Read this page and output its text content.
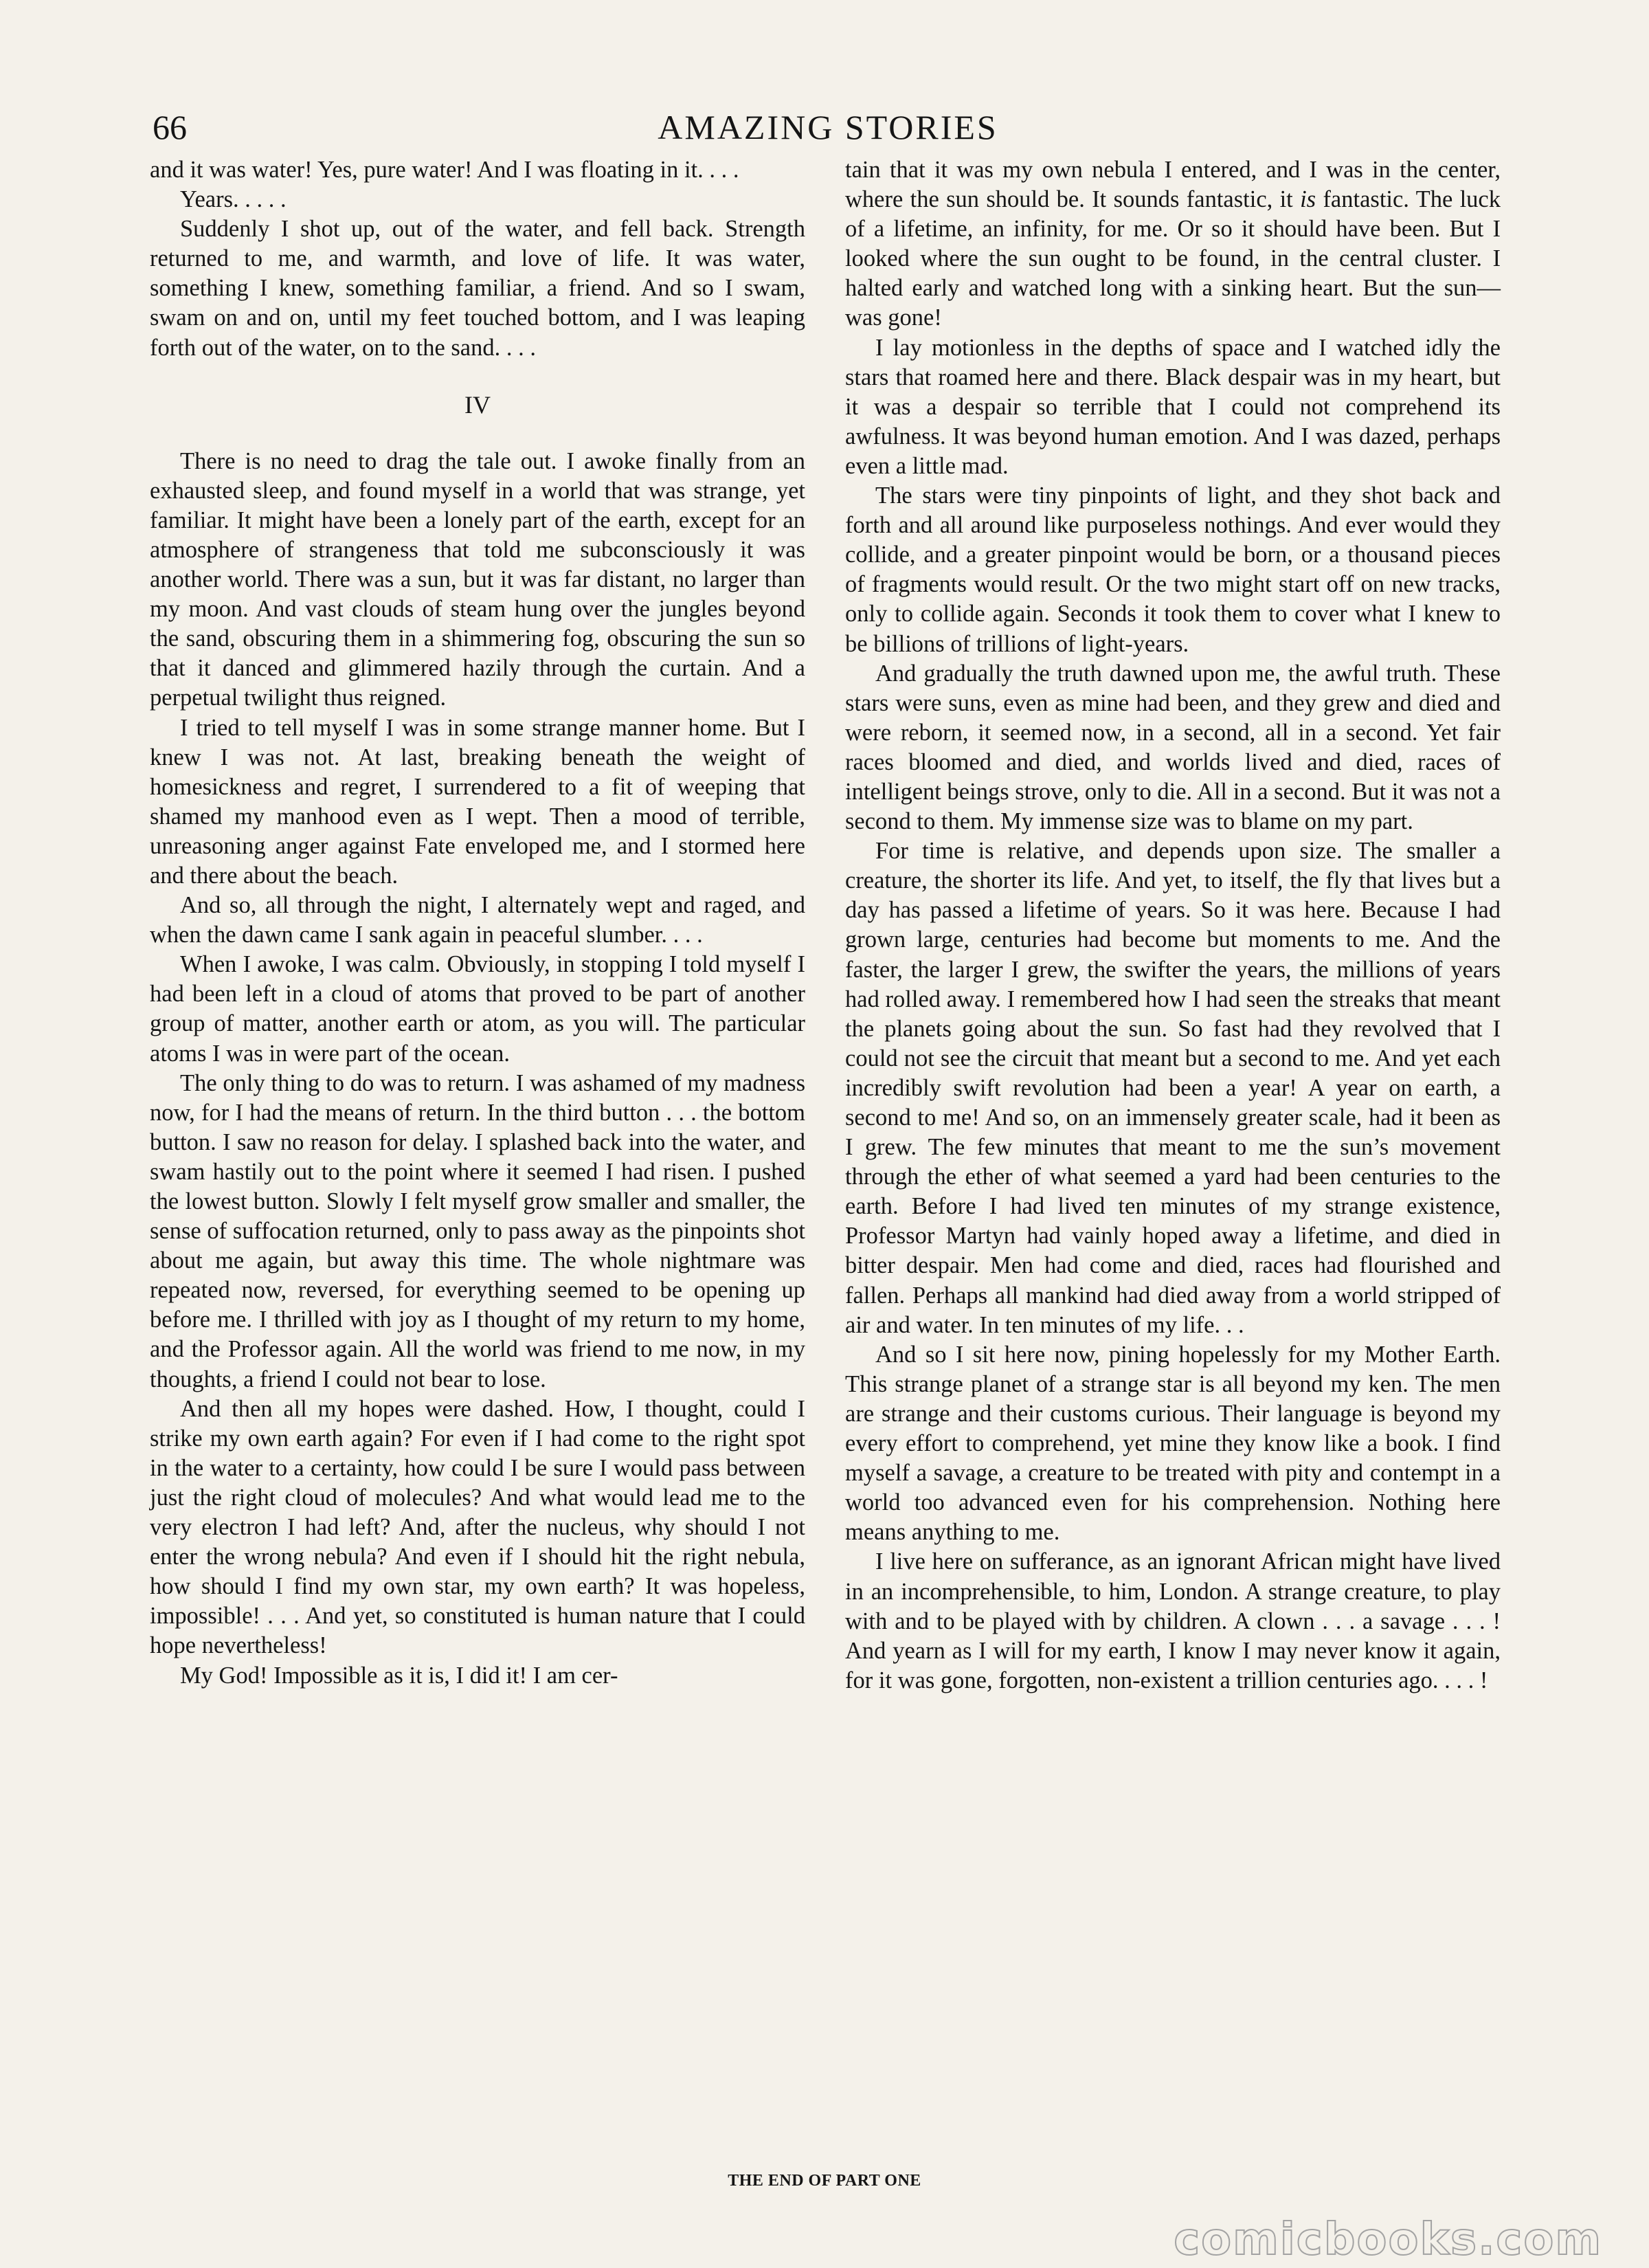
66	AMAZING STORIES

and it was water! Yes, pure water! And I was floating in it. . . .

Years. . . . .

Suddenly I shot up, out of the water, and fell back. Strength returned to me, and warmth, and love of life. It was water, something I knew, something familiar, a friend. And so I swam, swam on and on, until my feet touched bottom, and I was leaping forth out of the water, on to the sand. . . .

IV

There is no need to drag the tale out. I awoke finally from an exhausted sleep, and found myself in a world that was strange, yet familiar. It might have been a lonely part of the earth, except for an atmosphere of strangeness that told me subconsciously it was another world. There was a sun, but it was far distant, no larger than my moon. And vast clouds of steam hung over the jungles beyond the sand, obscuring them in a shimmering fog, obscuring the sun so that it danced and glimmered hazily through the curtain. And a perpetual twilight thus reigned.

I tried to tell myself I was in some strange manner home. But I knew I was not. At last, breaking beneath the weight of homesickness and regret, I surrendered to a fit of weeping that shamed my manhood even as I wept. Then a mood of terrible, unreasoning anger against Fate enveloped me, and I stormed here and there about the beach.

And so, all through the night, I alternately wept and raged, and when the dawn came I sank again in peaceful slumber. . . .

When I awoke, I was calm. Obviously, in stopping I told myself I had been left in a cloud of atoms that proved to be part of another group of matter, another earth or atom, as you will. The particular atoms I was in were part of the ocean.

The only thing to do was to return. I was ashamed of my madness now, for I had the means of return. In the third button . . . the bottom button. I saw no reason for delay. I splashed back into the water, and swam hastily out to the point where it seemed I had risen. I pushed the lowest button. Slowly I felt myself grow smaller and smaller, the sense of suffocation returned, only to pass away as the pinpoints shot about me again, but away this time. The whole nightmare was repeated now, reversed, for everything seemed to be opening up before me. I thrilled with joy as I thought of my return to my home, and the Professor again. All the world was friend to me now, in my thoughts, a friend I could not bear to lose.

And then all my hopes were dashed. How, I thought, could I strike my own earth again? For even if I had come to the right spot in the water to a certainty, how could I be sure I would pass between just the right cloud of molecules? And what would lead me to the very electron I had left? And, after the nucleus, why should I not enter the wrong nebula? And even if I should hit the right nebula, how should I find my own star, my own earth? It was hopeless, impossible! . . . And yet, so constituted is human nature that I could hope nevertheless!

My God! Impossible as it is, I did it! I am cer-

tain that it was my own nebula I entered, and I was in the center, where the sun should be. It sounds fantastic, it is fantastic. The luck of a lifetime, an infinity, for me. Or so it should have been. But I looked where the sun ought to be found, in the central cluster. I halted early and watched long with a sinking heart. But the sun—was gone!

I lay motionless in the depths of space and I watched idly the stars that roamed here and there. Black despair was in my heart, but it was a despair so terrible that I could not comprehend its awfulness. It was beyond human emotion. And I was dazed, perhaps even a little mad.

The stars were tiny pinpoints of light, and they shot back and forth and all around like purposeless nothings. And ever would they collide, and a greater pinpoint would be born, or a thousand pieces of fragments would result. Or the two might start off on new tracks, only to collide again. Seconds it took them to cover what I knew to be billions of trillions of light-years.

And gradually the truth dawned upon me, the awful truth. These stars were suns, even as mine had been, and they grew and died and were reborn, it seemed now, in a second, all in a second. Yet fair races bloomed and died, and worlds lived and died, races of intelligent beings strove, only to die. All in a second. But it was not a second to them. My immense size was to blame on my part.

For time is relative, and depends upon size. The smaller a creature, the shorter its life. And yet, to itself, the fly that lives but a day has passed a lifetime of years. So it was here. Because I had grown large, centuries had become but moments to me. And the faster, the larger I grew, the swifter the years, the millions of years had rolled away. I remembered how I had seen the streaks that meant the planets going about the sun. So fast had they revolved that I could not see the circuit that meant but a second to me. And yet each incredibly swift revolution had been a year! A year on earth, a second to me! And so, on an immensely greater scale, had it been as I grew. The few minutes that meant to me the sun’s movement through the ether of what seemed a yard had been centuries to the earth. Before I had lived ten minutes of my strange existence, Professor Martyn had vainly hoped away a lifetime, and died in bitter despair. Men had come and died, races had flourished and fallen. Perhaps all mankind had died away from a world stripped of air and water. In ten minutes of my life. . .

And so I sit here now, pining hopelessly for my Mother Earth. This strange planet of a strange star is all beyond my ken. The men are strange and their customs curious. Their language is beyond my every effort to comprehend, yet mine they know like a book. I find myself a savage, a creature to be treated with pity and contempt in a world too advanced even for his comprehension. Nothing here means anything to me.

I live here on sufferance, as an ignorant African might have lived in an incomprehensible, to him, London. A strange creature, to play with and to be played with by children. A clown . . . a savage . . . ! And yearn as I will for my earth, I know I may never know it again, for it was gone, forgotten, non-existent a trillion centuries ago. . . . !

THE END OF PART ONE
comicbooks.com
